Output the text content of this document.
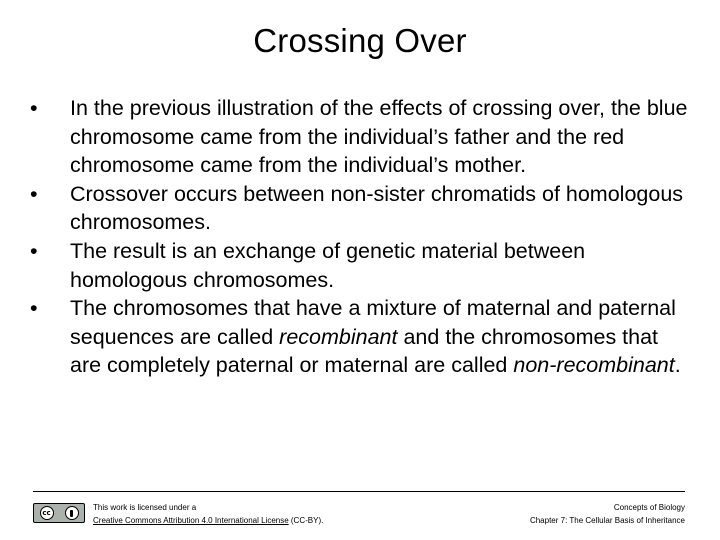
Crossing Over
•	In the previous illustration of the effects of crossing over, the blue chromosome came from the individual’s father and the red chromosome came from the individual’s mother.
•	Crossover occurs between non-sister chromatids of homologous chromosomes.
•	The result is an exchange of genetic material between homologous chromosomes.
•	The chromosomes that have a mixture of maternal and paternal sequences are called recombinant and the chromosomes that are completely paternal or maternal are called non-recombinant.
cc
This work is licensed under a
Creative Commons Attribution 4.0 International License (CC-BY).
Concepts of Biology
Chapter 7: The Cellular Basis of Inheritance
